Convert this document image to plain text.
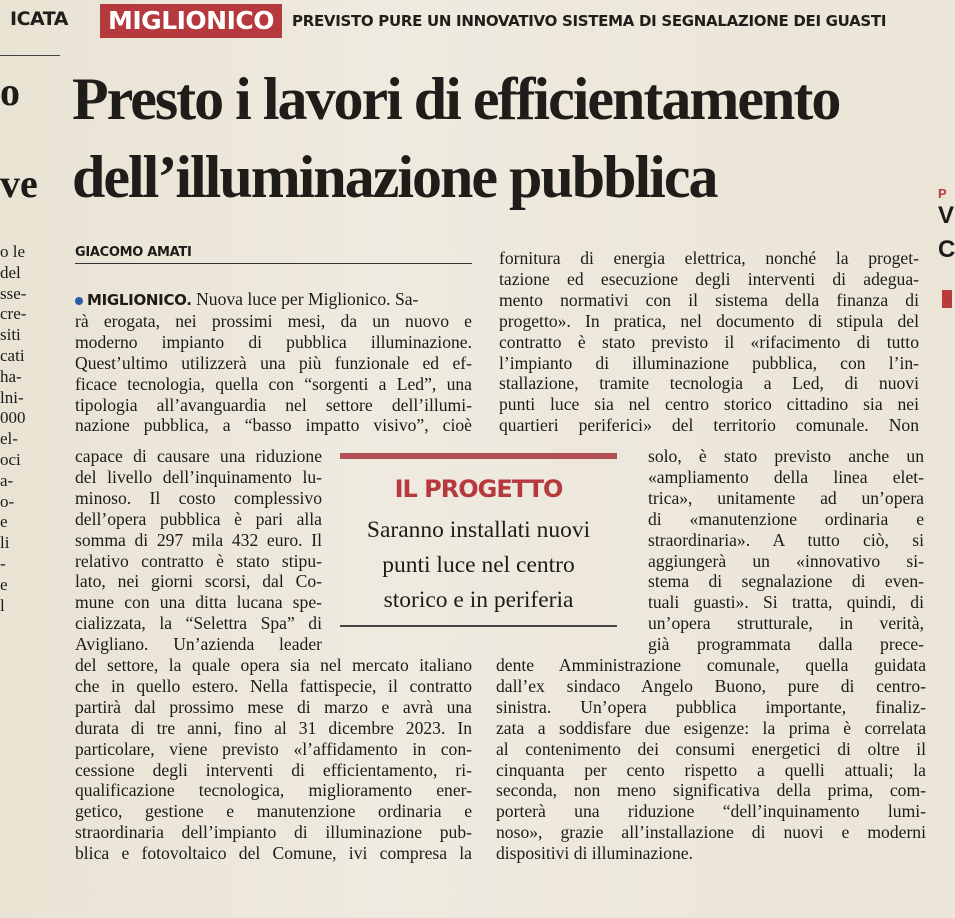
ICATA
o
ve
o le
del
sse-
cre-
siti
cati
ha-
lni-
000
el-
oci
a-
o-
e
li
-
e
l
P
V
C
MIGLIONICO	PREVISTO PURE UN INNOVATIVO SISTEMA DI SEGNALAZIONE DEI GUASTI
Presto i lavori di efficientamento
dell’illuminazione pubblica
GIACOMO AMATI

MIGLIONICO. Nuova luce per Miglionico. Sa-

rà erogata, nei prossimi mesi, da un nuovo e

moderno impianto di pubblica illuminazione.

Quest’ultimo utilizzerà una più funzionale ed ef-

ficace tecnologia, quella con “sorgenti a Led”, una

tipologia all’avanguardia nel settore dell’illumi-

nazione pubblica, a “basso impatto visivo”, cioè

capace di causare una riduzione

del livello dell’inquinamento lu-

minoso. Il costo complessivo

dell’opera pubblica è pari alla

somma di 297 mila 432 euro. Il

relativo contratto è stato stipu-

lato, nei giorni scorsi, dal Co-

mune con una ditta lucana spe-

cializzata, la “Selettra Spa” di

Avigliano. Un’azienda leader

del settore, la quale opera sia nel mercato italiano

che in quello estero. Nella fattispecie, il contratto

partirà dal prossimo mese di marzo e avrà una

durata di tre anni, fino al 31 dicembre 2023. In

particolare, viene previsto «l’affidamento in con-

cessione degli interventi di efficientamento, ri-

qualificazione tecnologica, miglioramento ener-

getico, gestione e manutenzione ordinaria e

straordinaria dell’impianto di illuminazione pub-

blica e fotovoltaico del Comune, ivi compresa la

fornitura di energia elettrica, nonché la proget-

tazione ed esecuzione degli interventi di adegua-

mento normativi con il sistema della finanza di

progetto». In pratica, nel documento di stipula del

contratto è stato previsto il «rifacimento di tutto

l’impianto di illuminazione pubblica, con l’in-

stallazione, tramite tecnologia a Led, di nuovi

punti luce sia nel centro storico cittadino sia nei

quartieri periferici» del territorio comunale. Non

solo, è stato previsto anche un

«ampliamento della linea elet-

trica», unitamente ad un’opera

di «manutenzione ordinaria e

straordinaria». A tutto ciò, si

aggiungerà un «innovativo si-

stema di segnalazione di even-

tuali guasti». Si tratta, quindi, di

un’opera strutturale, in verità,

già programmata dalla prece-

dente Amministrazione comunale, quella guidata

dall’ex sindaco Angelo Buono, pure di centro-

sinistra. Un’opera pubblica importante, finaliz-

zata a soddisfare due esigenze: la prima è correlata

al contenimento dei consumi energetici di oltre il

cinquanta per cento rispetto a quelli attuali; la

seconda, non meno significativa della prima, com-

porterà una riduzione “dell’inquinamento lumi-

noso», grazie all’installazione di nuovi e moderni

dispositivi di illuminazione.

IL PROGETTO
Saranno installati nuovi
punti luce nel centro
storico e in periferia
